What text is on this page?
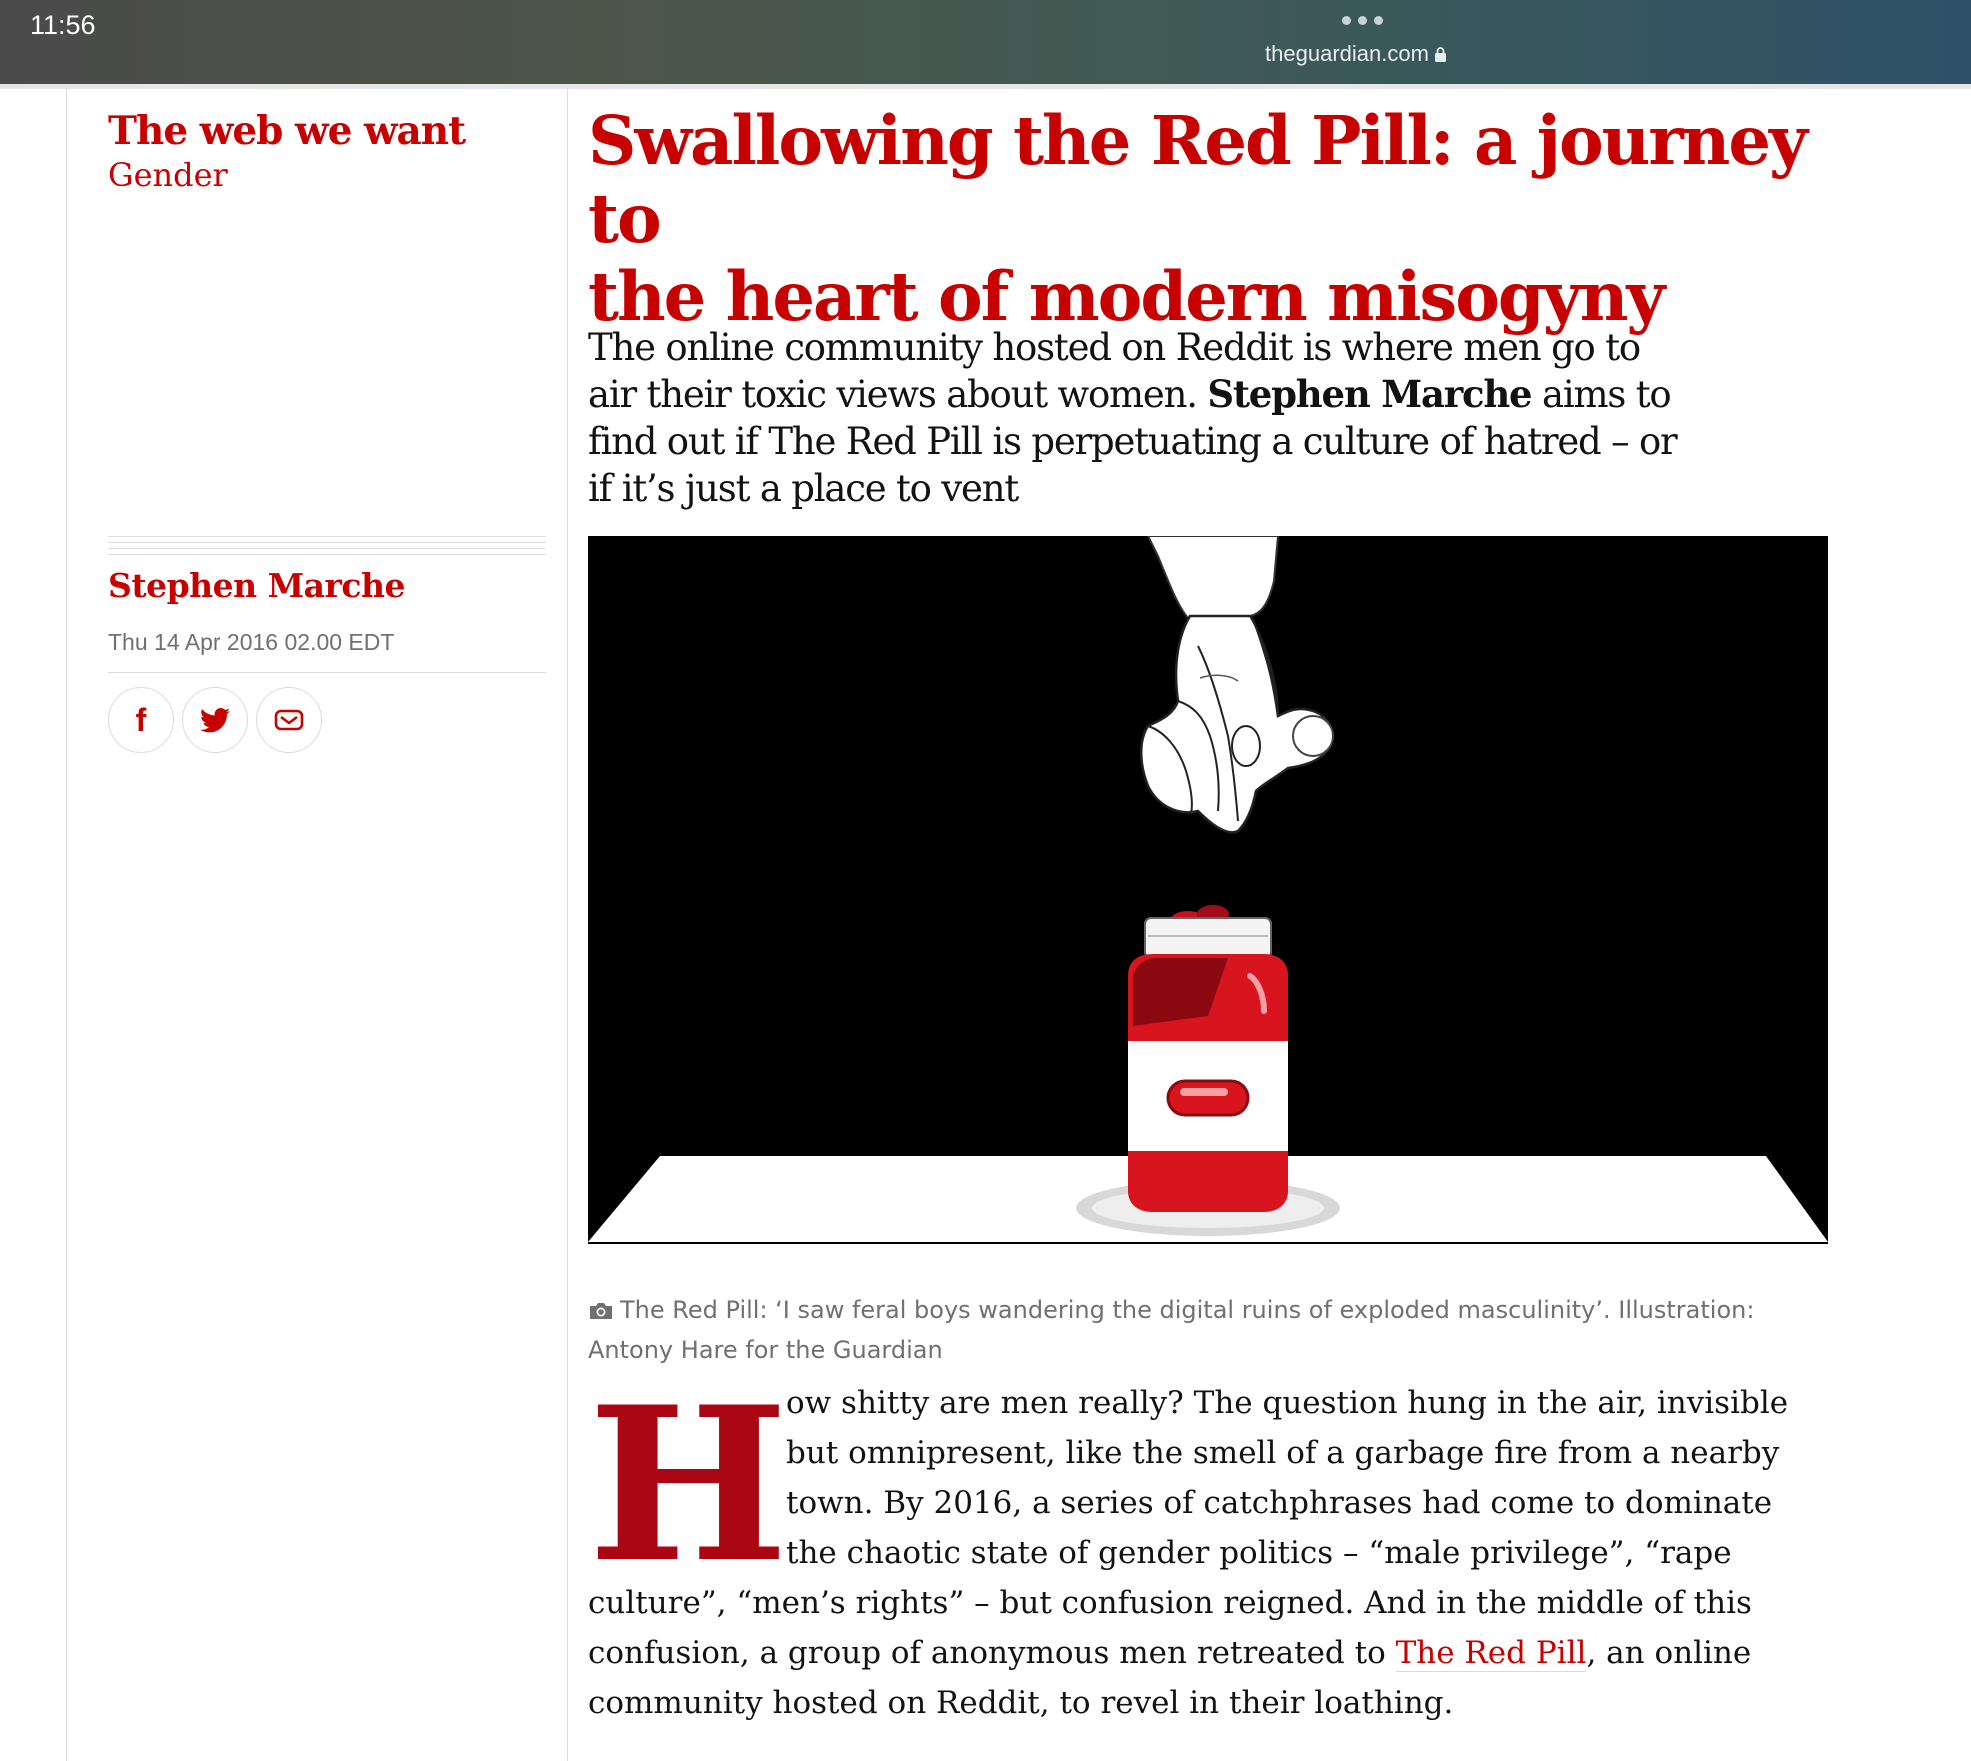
11:56
theguardian.com
The web we want
Gender
Stephen Marche
Thu 14 Apr 2016 02.00 EDT
f
Swallowing the Red Pill: a journey to
the heart of modern misogyny
The online community hosted on Reddit is where men go to air their toxic views about women. Stephen Marche aims to find out if The Red Pill is perpetuating a culture of hatred – or if it’s just a place to vent
The Red Pill: ‘I saw feral boys wandering the digital ruins of exploded masculinity’. Illustration: Antony Hare for the Guardian
How shitty are men really? The question hung in the air, invisible but omnipresent, like the smell of a garbage fire from a nearby town. By 2016, a series of catchphrases had come to dominate the chaotic state of gender politics – “male privilege”, “rape culture”, “men’s rights” – but confusion reigned. And in the middle of this confusion, a group of anonymous men retreated to The Red Pill, an online community hosted on Reddit, to revel in their loathing.
